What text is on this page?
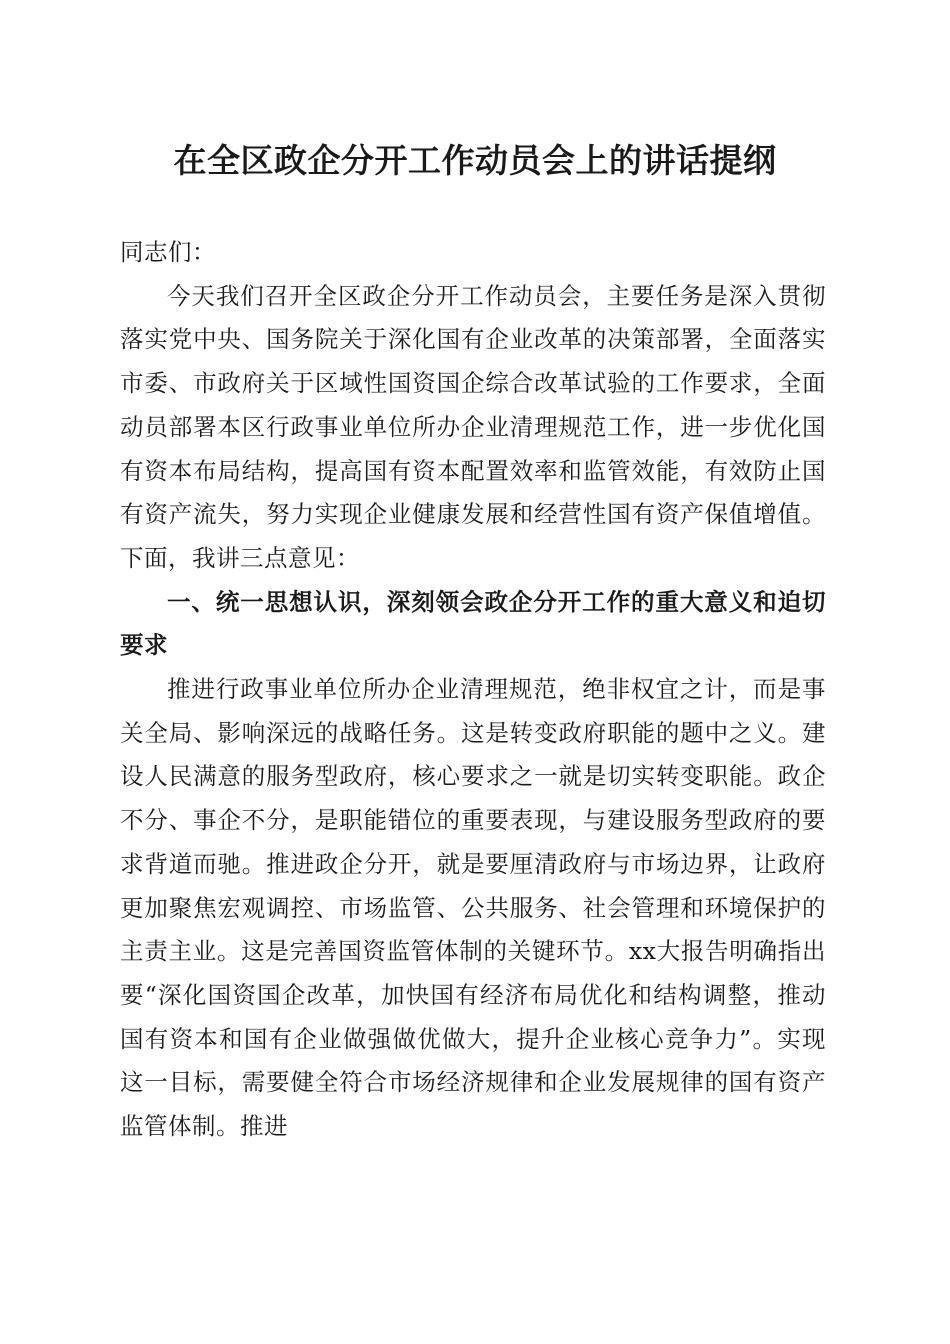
在全区政企分开工作动员会上的讲话提纲

同志们：

今天我们召开全区政企分开工作动员会，主要任务是深入贯彻落实党中央、国务院关于深化国有企业改革的决策部署，全面落实市委、市政府关于区域性国资国企综合改革试验的工作要求，全面动员部署本区行政事业单位所办企业清理规范工作，进一步优化国有资本布局结构，提高国有资本配置效率和监管效能，有效防止国有资产流失，努力实现企业健康发展和经营性国有资产保值增值。下面，我讲三点意见：

一、统一思想认识，深刻领会政企分开工作的重大意义和迫切要求

推进行政事业单位所办企业清理规范，绝非权宜之计，而是事关全局、影响深远的战略任务。这是转变政府职能的题中之义。建设人民满意的服务型政府，核心要求之一就是切实转变职能。政企不分、事企不分，是职能错位的重要表现，与建设服务型政府的要求背道而驰。推进政企分开，就是要厘清政府与市场边界，让政府更加聚焦宏观调控、市场监管、公共服务、社会管理和环境保护的主责主业。这是完善国资监管体制的关键环节。xx大报告明确指出要“深化国资国企改革，加快国有经济布局优化和结构调整，推动国有资本和国有企业做强做优做大，提升企业核心竞争力”。实现这一目标，需要健全符合市场经济规律和企业发展规律的国有资产监管体制。推进
